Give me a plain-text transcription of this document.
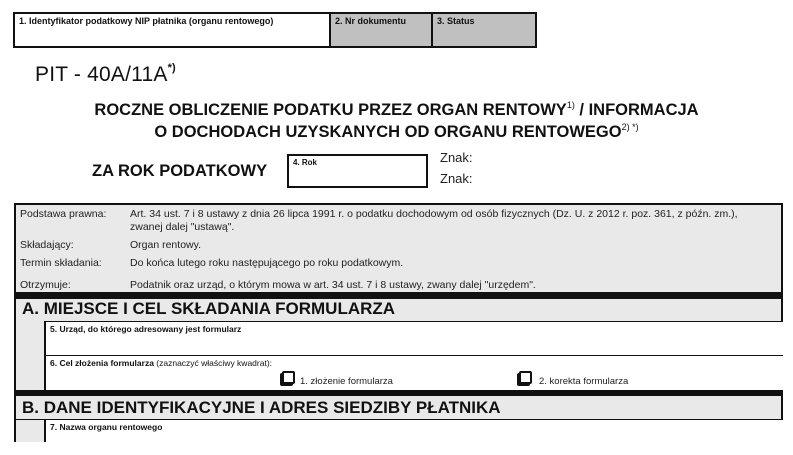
1. Identyfikator podatkowy NIP płatnika (organu rentowego)	2. Nr dokumentu	3. Status
PIT - 40A/11A*)
ROCZNE OBLICZENIE PODATKU PRZEZ ORGAN RENTOWY$^{1)}$ / INFORMACJA
O DOCHODACH UZYSKANYCH OD ORGANU $RENTOWEGO^{2) *)}$
ZA ROK PODATKOWY	4. Rok	Znak:
Znak:
Podstawa prawna: Art. 34 ust. 7 i 8 ustawy z dnia 26 lipca 1991 r. o podatku dochodowym od osób fizycznych (Dz. U. z 2012 r. poz. 361, z późn. zm.), zwanej dalej "ustawą".
Składający:	Organ rentowy.
Termin składania:	Do końca lutego roku następującego po roku podatkowym.
Otrzymuje:	Podatnik oraz urząd, o którym mowa w art. 34 ust. 7 i 8 ustawy, zwany dalej "urzędem".
A. MIEJSCE I CEL SKŁADANIA FORMULARZA
5. Urząd, do którego adresowany jest formularz
6. Cel złożenia formularza (zaznaczyć właściwy kwadrat):
1. złożenie formularza	2. korekta formularza
B. DANE IDENTYFIKACYJNE I ADRES SIEDZIBY PŁATNIKA
7. Nazwa organu rentowego
